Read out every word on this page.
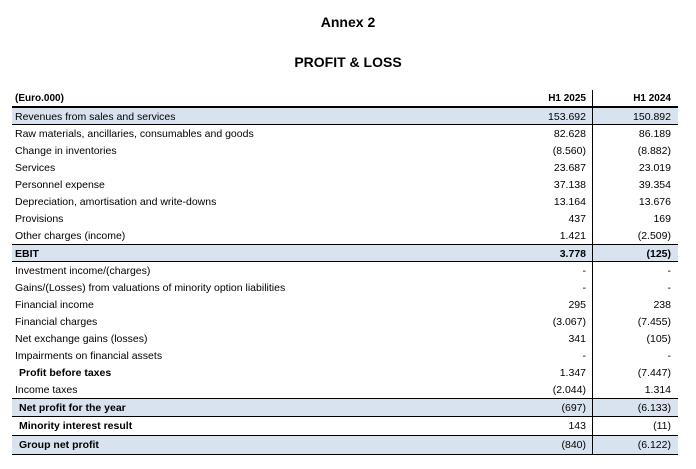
Annex 2
PROFIT & LOSS
(Euro.000)	H1 2025	H1 2024
Revenues from sales and services	153.692	150.892
Raw materials, ancillaries, consumables and goods	82.628	86.189
Change in inventories	(8.560)	(8.882)
Services	23.687	23.019
Personnel expense	37.138	39.354
Depreciation, amortisation and write-downs	13.164	13.676
Provisions	437	169
Other charges (income)	1.421	(2.509)
EBIT	3.778	(125)
Investment income/(charges)	-	-
Gains/(Losses) from valuations of minority option liabilities	-	-
Financial income	295	238
Financial charges	(3.067)	(7.455)
Net exchange gains (losses)	341	(105)
Impairments on financial assets	-	-
Profit before taxes	1.347	(7.447)
Income taxes	(2.044)	1.314
Net profit for the year	(697)	(6.133)
Minority interest result	143	(11)
Group net profit	(840)	(6.122)
